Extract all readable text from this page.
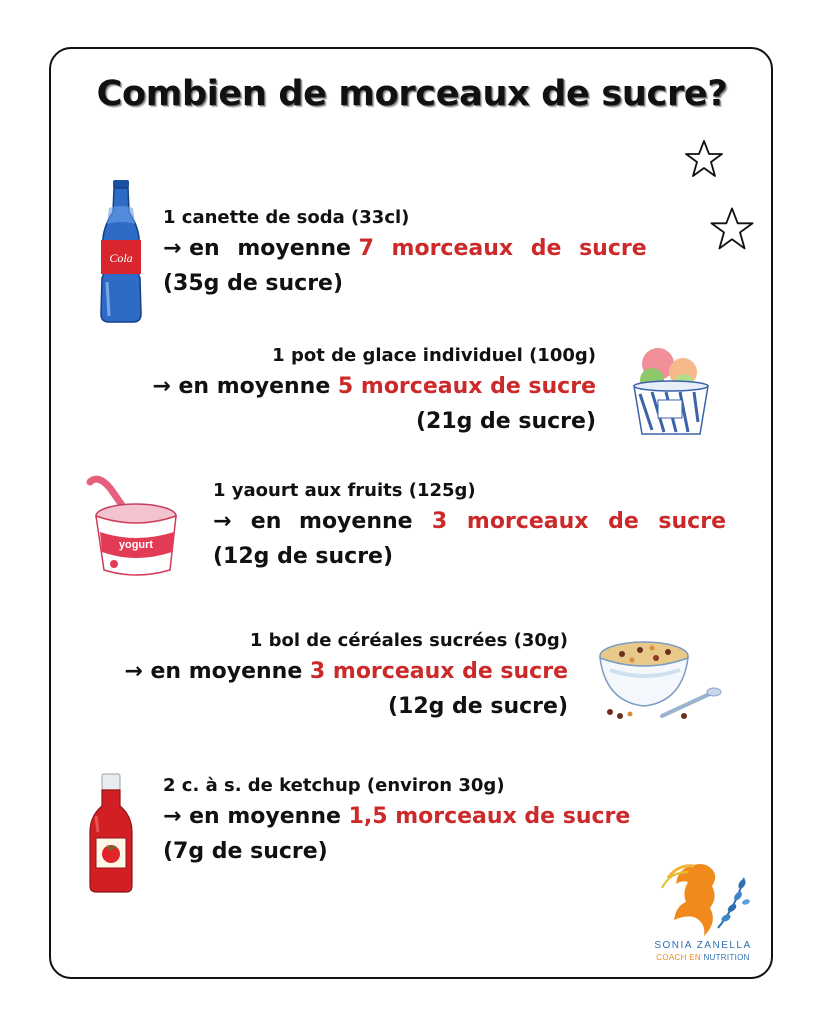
Combien de morceaux de sucre?
Cola
1 canette de soda (33cl)
→ en moyenne 7 morceaux de sucre
(35g de sucre)
1 pot de glace individuel (100g)
→ en moyenne 5 morceaux de sucre
(21g de sucre)
yogurt
1 yaourt aux fruits (125g)
→ en moyenne 3 morceaux de sucre
(12g de sucre)
1 bol de céréales sucrées (30g)
→ en moyenne 3 morceaux de sucre
(12g de sucre)
2 c. à s. de ketchup (environ 30g)
→ en moyenne 1,5 morceaux de sucre
(7g de sucre)
SONIA ZANELLA
COACH EN NUTRITION
